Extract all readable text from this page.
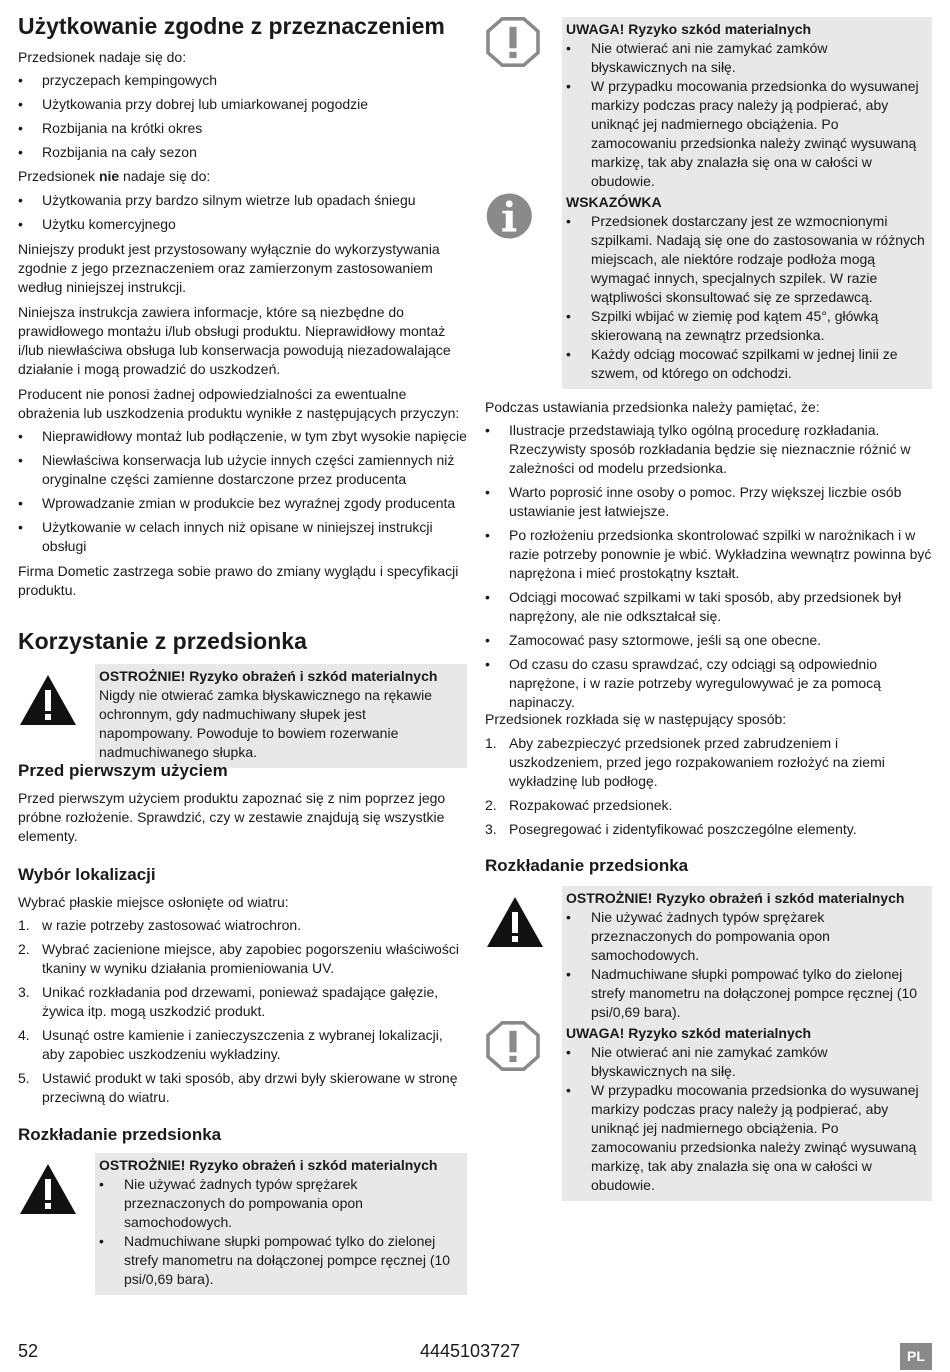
Użytkowanie zgodne z przeznaczeniem

Przedsionek nadaje się do:

• przyczepach kempingowych
• Użytkowania przy dobrej lub umiarkowanej pogodzie
• Rozbijania na krótki okres
• Rozbijania na cały sezon

Przedsionek nie nadaje się do:

• Użytkowania przy bardzo silnym wietrze lub opadach śniegu
• Użytku komercyjnego

Niniejszy produkt jest przystosowany wyłącznie do wykorzystywania zgodnie z jego przeznaczeniem oraz zamierzonym zastosowaniem według niniejszej instrukcji.

Niniejsza instrukcja zawiera informacje, które są niezbędne do prawidłowego montażu i/lub obsługi produktu. Nieprawidłowy montaż i/lub niewłaściwa obsługa lub konserwacja powodują niezadowalające działanie i mogą prowadzić do uszkodzeń.

Producent nie ponosi żadnej odpowiedzialności za ewentualne obrażenia lub uszkodzenia produktu wynikłe z następujących przyczyn:

• Nieprawidłowy montaż lub podłączenie, w tym zbyt wysokie napięcie
• Niewłaściwa konserwacja lub użycie innych części zamiennych niż oryginalne części zamienne dostarczone przez producenta
• Wprowadzanie zmian w produkcie bez wyraźnej zgody producenta
• Użytkowanie w celach innych niż opisane w niniejszej instrukcji obsługi

Firma Dometic zastrzega sobie prawo do zmiany wyglądu i specyfikacji produktu.

Korzystanie z przedsionka
OSTROŻNIE! Ryzyko obrażeń i szkód materialnych

Nigdy nie otwierać zamka błyskawicznego na rękawie ochronnym, gdy nadmuchiwany słupek jest napompowany. Powoduje to bowiem rozerwanie nadmuchiwanego słupka.

Przed pierwszym użyciem

Przed pierwszym użyciem produktu zapoznać się z nim poprzez jego próbne rozłożenie. Sprawdzić, czy w zestawie znajdują się wszystkie elementy.

Wybór lokalizacji

Wybrać płaskie miejsce osłonięte od wiatru:

1. w razie potrzeby zastosować wiatrochron.
2. Wybrać zacienione miejsce, aby zapobiec pogorszeniu właściwości tkaniny w wyniku działania promieniowania UV.
3. Unikać rozkładania pod drzewami, ponieważ spadające gałęzie, żywica itp. mogą uszkodzić produkt.
4. Usunąć ostre kamienie i zanieczyszczenia z wybranej lokalizacji, aby zapobiec uszkodzeniu wykładziny.
5. Ustawić produkt w taki sposób, aby drzwi były skierowane w stronę przeciwną do wiatru.
Rozkładanie przedsionka
OSTROŻNIE! Ryzyko obrażeń i szkód materialnych
• Nie używać żadnych typów sprężarek przeznaczonych do pompowania opon samochodowych.
• Nadmuchiwane słupki pompować tylko do zielonej strefy manometru na dołączonej pompce ręcznej (10 psi/0,69 bara).
UWAGA! Ryzyko szkód materialnych
• Nie otwierać ani nie zamykać zamków błyskawicznych na siłę.
• W przypadku mocowania przedsionka do wysuwanej markizy podczas pracy należy ją podpierać, aby uniknąć jej nadmiernego obciążenia. Po zamocowaniu przedsionka należy zwinąć wysuwaną markizę, tak aby znalazła się ona w całości w obudowie.
WSKAZÓWKA
• Przedsionek dostarczany jest ze wzmocnionymi szpilkami. Nadają się one do zastosowania w różnych miejscach, ale niektóre rodzaje podłoża mogą wymagać innych, specjalnych szpilek. W razie wątpliwości skonsultować się ze sprzedawcą.
• Szpilki wbijać w ziemię pod kątem 45°, główką skierowaną na zewnątrz przedsionka.
• Każdy odciąg mocować szpilkami w jednej linii ze szwem, od którego on odchodzi.

Podczas ustawiania przedsionka należy pamiętać, że:

• Ilustracje przedstawiają tylko ogólną procedurę rozkładania. Rzeczywisty sposób rozkładania będzie się nieznacznie różnić w zależności od modelu przedsionka.
• Warto poprosić inne osoby o pomoc. Przy większej liczbie osób ustawianie jest łatwiejsze.
• Po rozłożeniu przedsionka skontrolować szpilki w narożnikach i w razie potrzeby ponownie je wbić. Wykładzina wewnątrz powinna być naprężona i mieć prostokątny kształt.
• Odciągi mocować szpilkami w taki sposób, aby przedsionek był naprężony, ale nie odkształcał się.
• Zamocować pasy sztormowe, jeśli są one obecne.
• Od czasu do czasu sprawdzać, czy odciągi są odpowiednio naprężone, i w razie potrzeby wyregulowywać je za pomocą napinaczy.

Przedsionek rozkłada się w następujący sposób:

1. Aby zabezpieczyć przedsionek przed zabrudzeniem i uszkodzeniem, przed jego rozpakowaniem rozłożyć na ziemi wykładzinę lub podłogę.
2. Rozpakować przedsionek.
3. Posegregować i zidentyfikować poszczególne elementy.
Rozkładanie przedsionka
OSTROŻNIE! Ryzyko obrażeń i szkód materialnych
• Nie używać żadnych typów sprężarek przeznaczonych do pompowania opon samochodowych.
• Nadmuchiwane słupki pompować tylko do zielonej strefy manometru na dołączonej pompce ręcznej (10 psi/0,69 bara).
UWAGA! Ryzyko szkód materialnych
• Nie otwierać ani nie zamykać zamków błyskawicznych na siłę.
• W przypadku mocowania przedsionka do wysuwanej markizy podczas pracy należy ją podpierać, aby uniknąć jej nadmiernego obciążenia. Po zamocowaniu przedsionka należy zwinąć wysuwaną markizę, tak aby znalazła się ona w całości w obudowie.
52	4445103727	PL
